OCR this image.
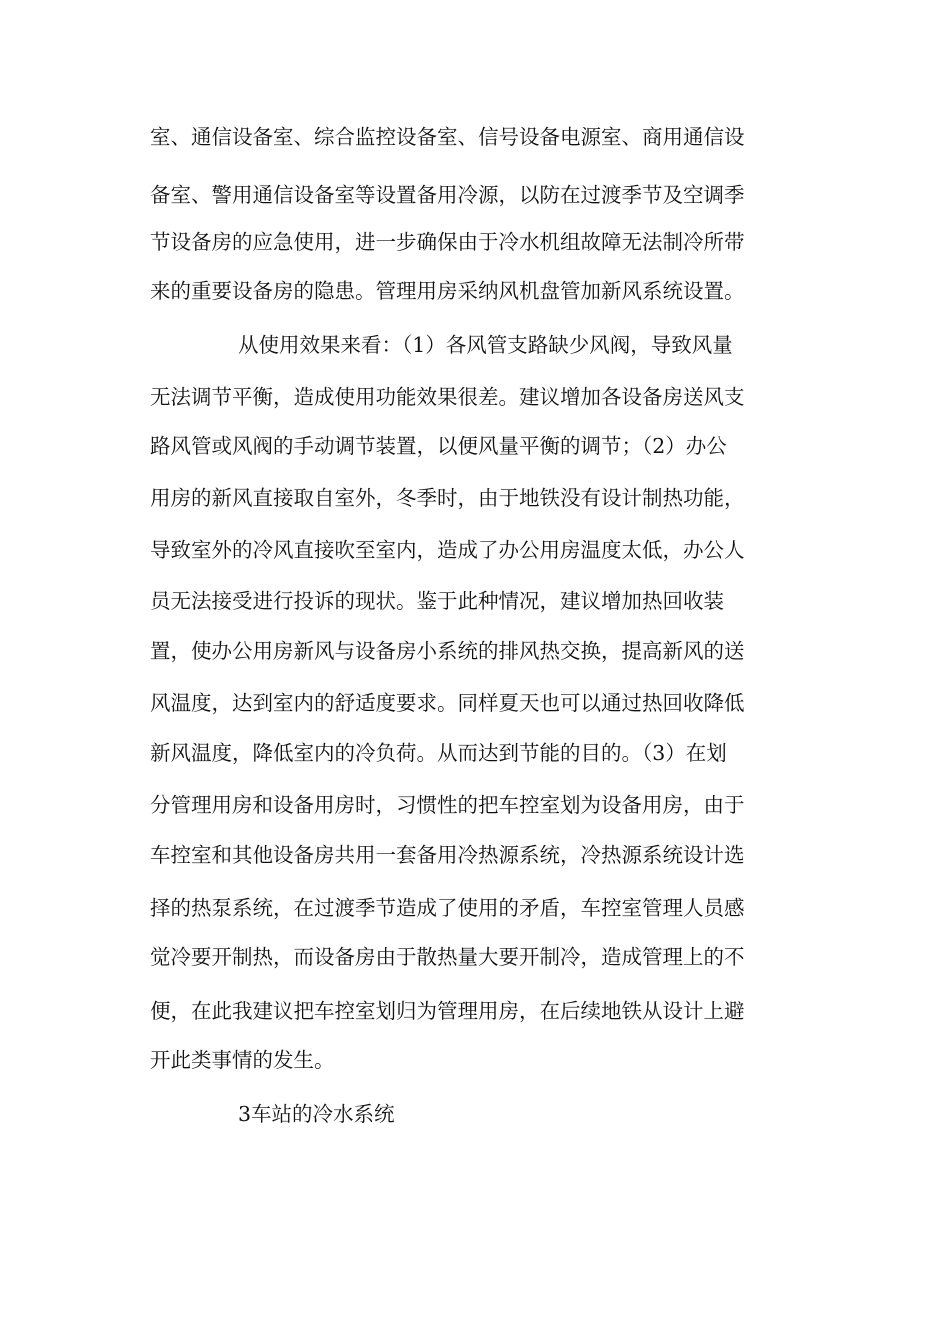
室、通信设备室、综合监控设备室、信号设备电源室、商用通信设
备室、警用通信设备室等设置备用冷源，以防在过渡季节及空调季
节设备房的应急使用，进一步确保由于冷水机组故障无法制冷所带
来的重要设备房的隐患。管理用房采纳风机盘管加新风系统设置。
从使用效果来看：（1）各风管支路缺少风阀，导致风量
无法调节平衡，造成使用功能效果很差。建议增加各设备房送风支
路风管或风阀的手动调节装置，以便风量平衡的调节；（2）办公
用房的新风直接取自室外，冬季时，由于地铁没有设计制热功能，
导致室外的冷风直接吹至室内，造成了办公用房温度太低，办公人
员无法接受进行投诉的现状。鉴于此种情况，建议增加热回收装
置，使办公用房新风与设备房小系统的排风热交换，提高新风的送
风温度，达到室内的舒适度要求。同样夏天也可以通过热回收降低
新风温度，降低室内的冷负荷。从而达到节能的目的。（3）在划
分管理用房和设备用房时，习惯性的把车控室划为设备用房，由于
车控室和其他设备房共用一套备用冷热源系统，冷热源系统设计选
择的热泵系统，在过渡季节造成了使用的矛盾，车控室管理人员感
觉冷要开制热，而设备房由于散热量大要开制冷，造成管理上的不
便，在此我建议把车控室划归为管理用房，在后续地铁从设计上避
开此类事情的发生。
3车站的冷水系统
